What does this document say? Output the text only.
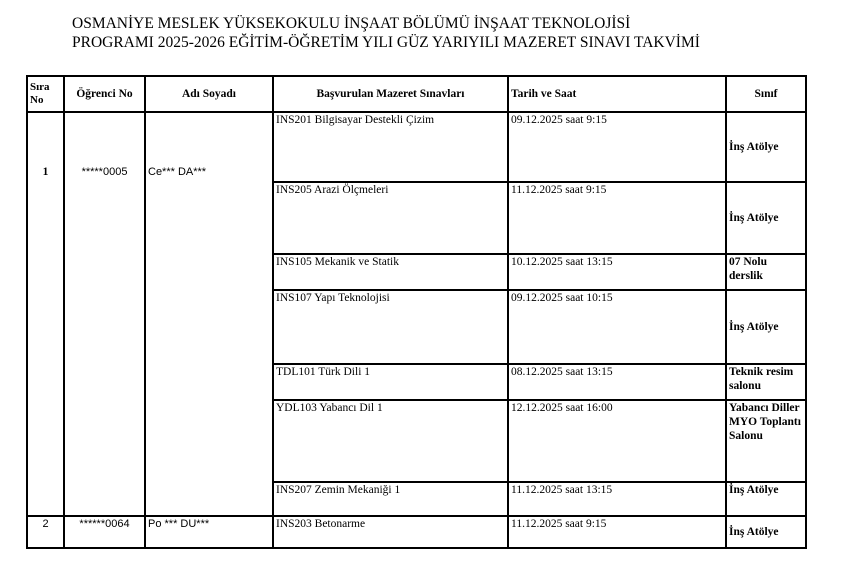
OSMANİYE MESLEK YÜKSEKOKULU İNŞAAT BÖLÜMÜ İNŞAAT TEKNOLOJİSİ
PROGRAMI 2025-2026 EĞİTİM-ÖĞRETİM YILI GÜZ YARIYILI MAZERET SINAVI TAKVİMİ
Sıra
No	Öğrenci No	Adı Soyadı	Başvurulan Mazeret Sınavları	Tarih ve Saat	Sınıf
1	*****0005	Ce*** DA***	INS201 Bilgisayar Destekli Çizim	09.12.2025 saat 9:15	İnş Atölye
			INS205 Arazi Ölçmeleri	11.12.2025 saat 9:15	İnş Atölye
			INS105 Mekanik ve Statik	10.12.2025 saat 13:15	07 Nolu derslik
			INS107 Yapı Teknolojisi	09.12.2025 saat 10:15	İnş Atölye
			TDL101 Türk Dili 1	08.12.2025 saat 13:15	Teknik resim salonu
			YDL103 Yabancı Dil 1	12.12.2025 saat 16:00	Yabancı Diller MYO Toplantı Salonu
			INS207 Zemin Mekaniği 1	11.12.2025 saat 13:15	İnş Atölye
2	******0064	Po *** DU***	INS203 Betonarme	11.12.2025 saat 9:15	İnş Atölye
